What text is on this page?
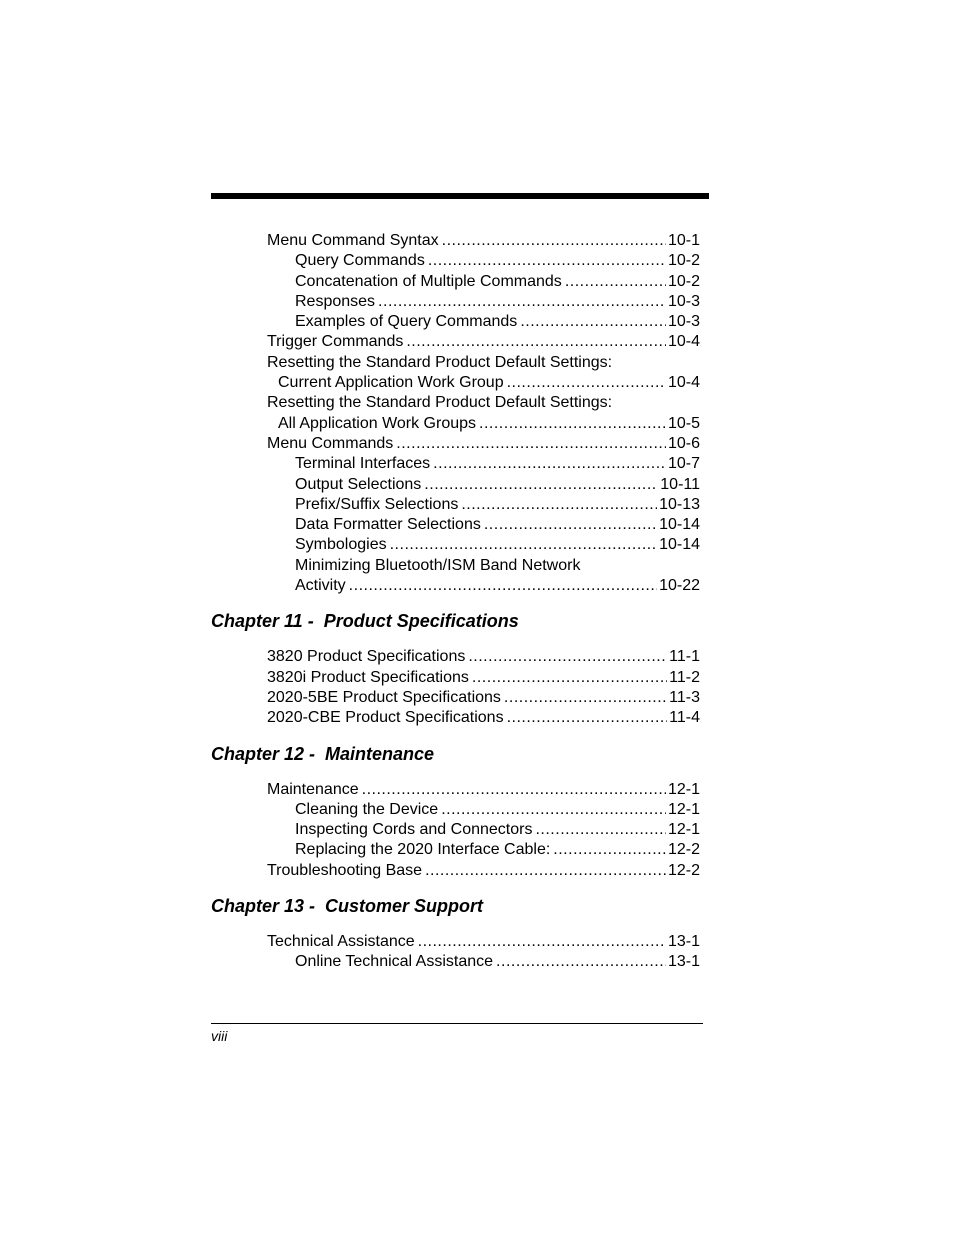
Menu Command Syntax .....	10-1
Query Commands .....	10-2
Concatenation of Multiple Commands .....	10-2
Responses .....	10-3
Examples of Query Commands .....	10-3
Trigger Commands .....	10-4
Resetting the Standard Product Default Settings:
Current Application Work Group .....	10-4
Resetting the Standard Product Default Settings:
All Application Work Groups .....	10-5
Menu Commands .....	10-6
Terminal Interfaces .....	10-7
Output Selections .....	10-11
Prefix/Suffix Selections .....	10-13
Data Formatter Selections .....	10-14
Symbologies .....	10-14
Minimizing Bluetooth/ISM Band Network
Activity .....	10-22
Chapter 11 -  Product Specifications
3820 Product Specifications .....	11-1
3820i Product Specifications .....	11-2
2020-5BE Product Specifications .....	11-3
2020-CBE Product Specifications .....	11-4
Chapter 12 -  Maintenance
Maintenance .....	12-1
Cleaning the Device .....	12-1
Inspecting Cords and Connectors .....	12-1
Replacing the 2020 Interface Cable: .....	12-2
Troubleshooting Base .....	12-2
Chapter 13 -  Customer Support
Technical Assistance .....	13-1
Online Technical Assistance .....	13-1
viii
